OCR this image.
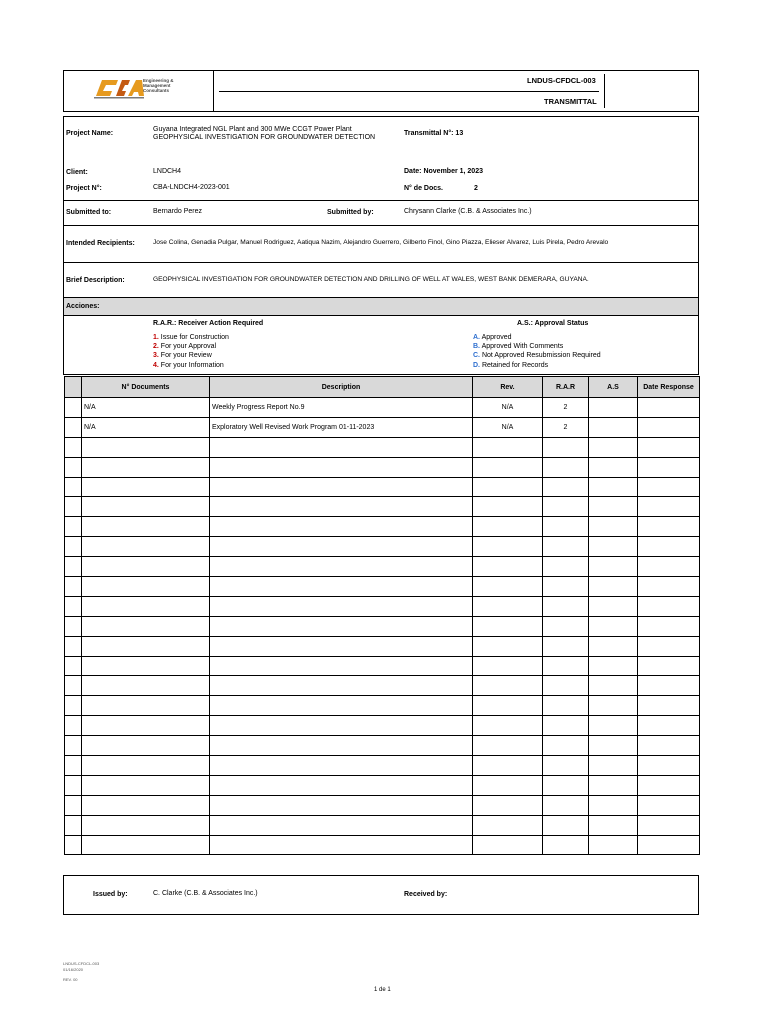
Engineering & Management Consultants
LNDUS-CFDCL-003
TRANSMITTAL
Project Name:
Guyana Integrated NGL Plant and 300 MWe CCGT Power Plant GEOPHYSICAL INVESTIGATION FOR GROUNDWATER DETECTION
Transmittal N°: 13
Client:	LNDCH4	Date: November 1, 2023
Project N°:	CBA-LNDCH4-2023-001	N° de Docs.	2
Submitted to:	Bernardo Perez	Submitted by:	Chrysann Clarke (C.B. & Associates Inc.)
Intended Recipients:	Jose Colina, Genadia Pulgar, Manuel Rodriguez, Aatiqua Nazim, Alejandro Guerrero, Gilberto Finol, Gino Piazza, Elieser Alvarez, Luis Pirela, Pedro Arevalo
Brief Description:	GEOPHYSICAL INVESTIGATION FOR GROUNDWATER DETECTION AND DRILLING OF WELL AT WALES, WEST BANK DEMERARA, GUYANA.
Acciones:
R.A.R.: Receiver Action Required
1. Issue for Construction
2. For your Approval
3. For your Review
4. For your Information
A.S.: Approval Status
A. Approved
B. Approved With Comments
C. Not Approved Resubmission Required
D. Retained for Records
	N° Documents	Description	Rev.	R.A.R	A.S	Date Response
	N/A	Weekly Progress Report No.9	N/A	2		
	N/A	Exploratory Well Revised Work Program 01-11-2023	N/A	2		

Issued by:	C. Clarke (C.B. & Associates Inc.)	Received by:
LNDUS-CFDCL-003
01/16/2020
REV. 00
1 de 1
